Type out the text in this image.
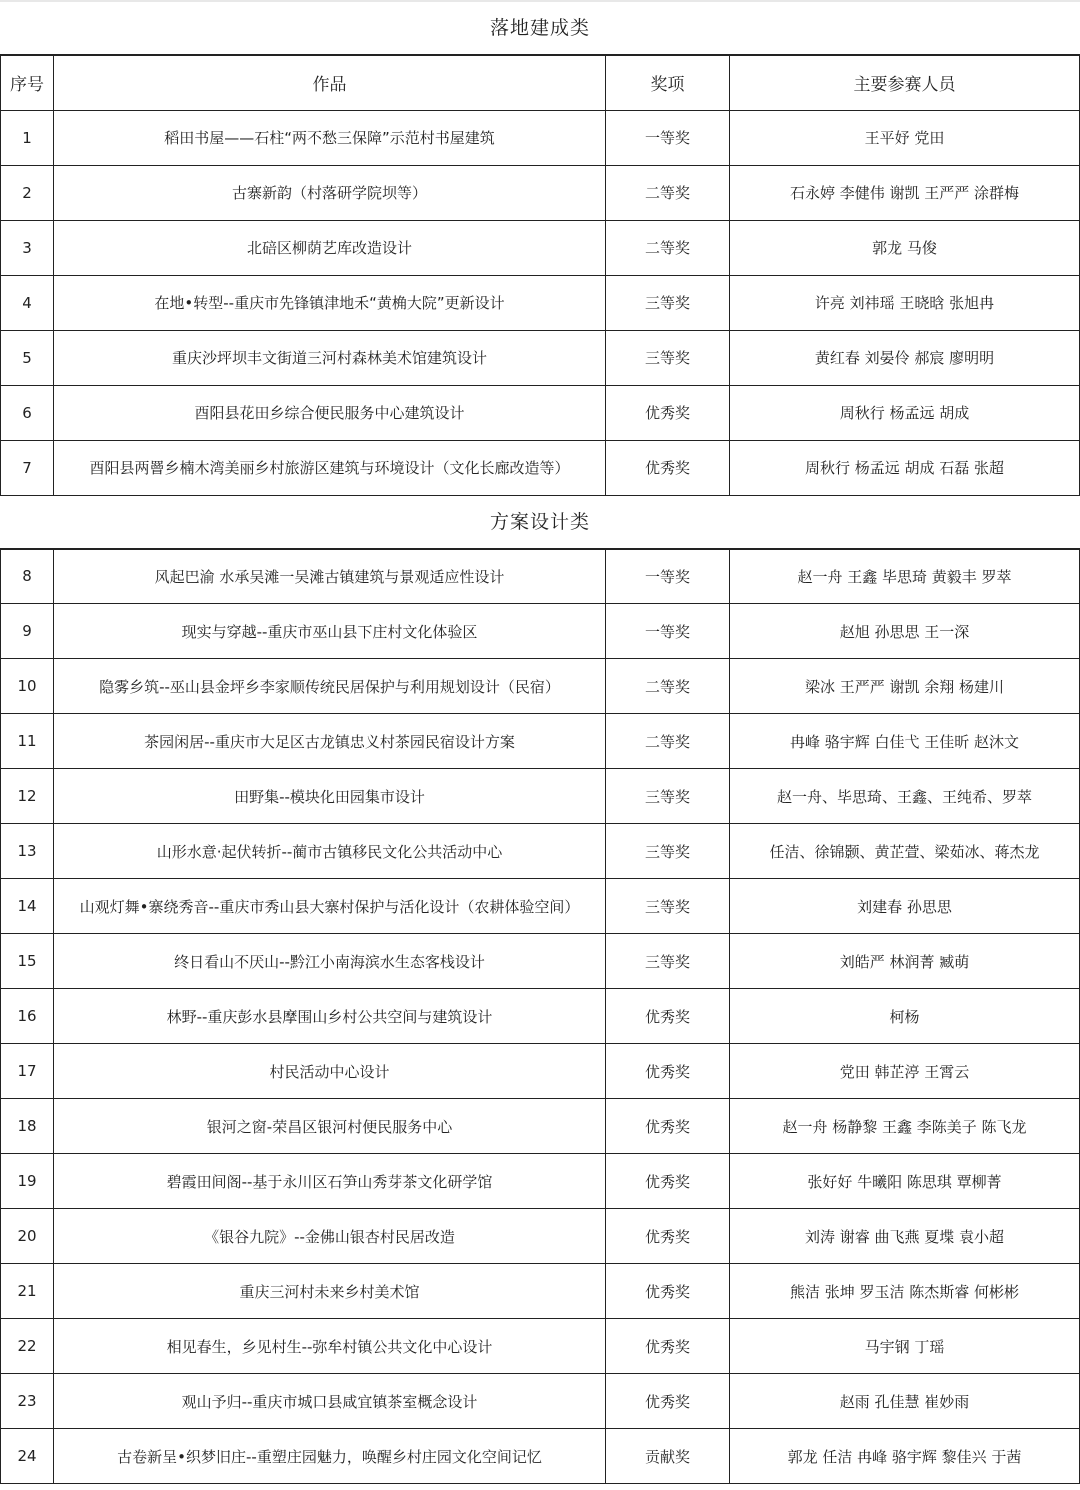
落地建成类
序号	作品	奖项	主要参赛人员
1	稻田书屋——石柱“两不愁三保障”示范村书屋建筑	一等奖	王平妤 党田
2	古寨新韵（村落研学院坝等）	二等奖	石永婷 李健伟 谢凯 王严严 涂群梅
3	北碚区柳荫艺库改造设计	二等奖	郭龙 马俊
4	在地•转型--重庆市先锋镇津地禾“黄桷大院”更新设计	三等奖	许亮 刘祎瑶 王晓晗 张旭冉
5	重庆沙坪坝丰文街道三河村森林美术馆建筑设计	三等奖	黄红春 刘晏伶 郝宸 廖明明
6	酉阳县花田乡综合便民服务中心建筑设计	优秀奖	周秋行 杨孟远 胡成
7	酉阳县两罾乡楠木湾美丽乡村旅游区建筑与环境设计（文化长廊改造等）	优秀奖	周秋行 杨孟远 胡成 石磊 张超
方案设计类
8	风起巴渝 水承吴滩一吴滩古镇建筑与景观适应性设计	一等奖	赵一舟 王鑫 毕思琦 黄毅丰 罗萃
9	现实与穿越--重庆市巫山县下庄村文化体验区	一等奖	赵旭 孙思思 王一深
10	隐雾乡筑--巫山县金坪乡李家顺传统民居保护与利用规划设计（民宿）	二等奖	梁冰 王严严 谢凯 余翔 杨建川
11	茶园闲居--重庆市大足区古龙镇忠义村茶园民宿设计方案	二等奖	冉峰 骆宇辉 白佳弋 王佳昕 赵沐文
12	田野集--模块化田园集市设计	三等奖	赵一舟、毕思琦、王鑫、王纯希、罗萃
13	山形水意·起伏转折--蔺市古镇移民文化公共活动中心	三等奖	任洁、徐锦颢、黄芷萱、梁茹冰、蒋杰龙
14	山观灯舞•寨绕秀音--重庆市秀山县大寨村保护与活化设计（农耕体验空间）	三等奖	刘建春 孙思思
15	终日看山不厌山--黔江小南海滨水生态客栈设计	三等奖	刘皓严 林润菁 臧萌
16	林野--重庆彭水县摩围山乡村公共空间与建筑设计	优秀奖	柯杨
17	村民活动中心设计	优秀奖	党田 韩芷渟 王霄云
18	银河之窗-荣昌区银河村便民服务中心	优秀奖	赵一舟 杨静黎 王鑫 李陈美子 陈飞龙
19	碧霞田间阁--基于永川区石笋山秀芽茶文化研学馆	优秀奖	张好好 牛曦阳 陈思琪 覃柳菁
20	《银谷九院》--金佛山银杏村民居改造	优秀奖	刘涛 谢睿 曲飞燕 夏堞 袁小超
21	重庆三河村未来乡村美术馆	优秀奖	熊洁 张坤 罗玉洁 陈杰斯睿 何彬彬
22	相见春生，乡见村生--弥牟村镇公共文化中心设计	优秀奖	马宇钢 丁瑶
23	观山予归--重庆市城口县咸宜镇茶室概念设计	优秀奖	赵雨 孔佳慧 崔妙雨
24	古卷新呈•织梦旧庄--重塑庄园魅力，唤醒乡村庄园文化空间记忆	贡献奖	郭龙 任洁 冉峰 骆宇辉 黎佳兴 于茜
